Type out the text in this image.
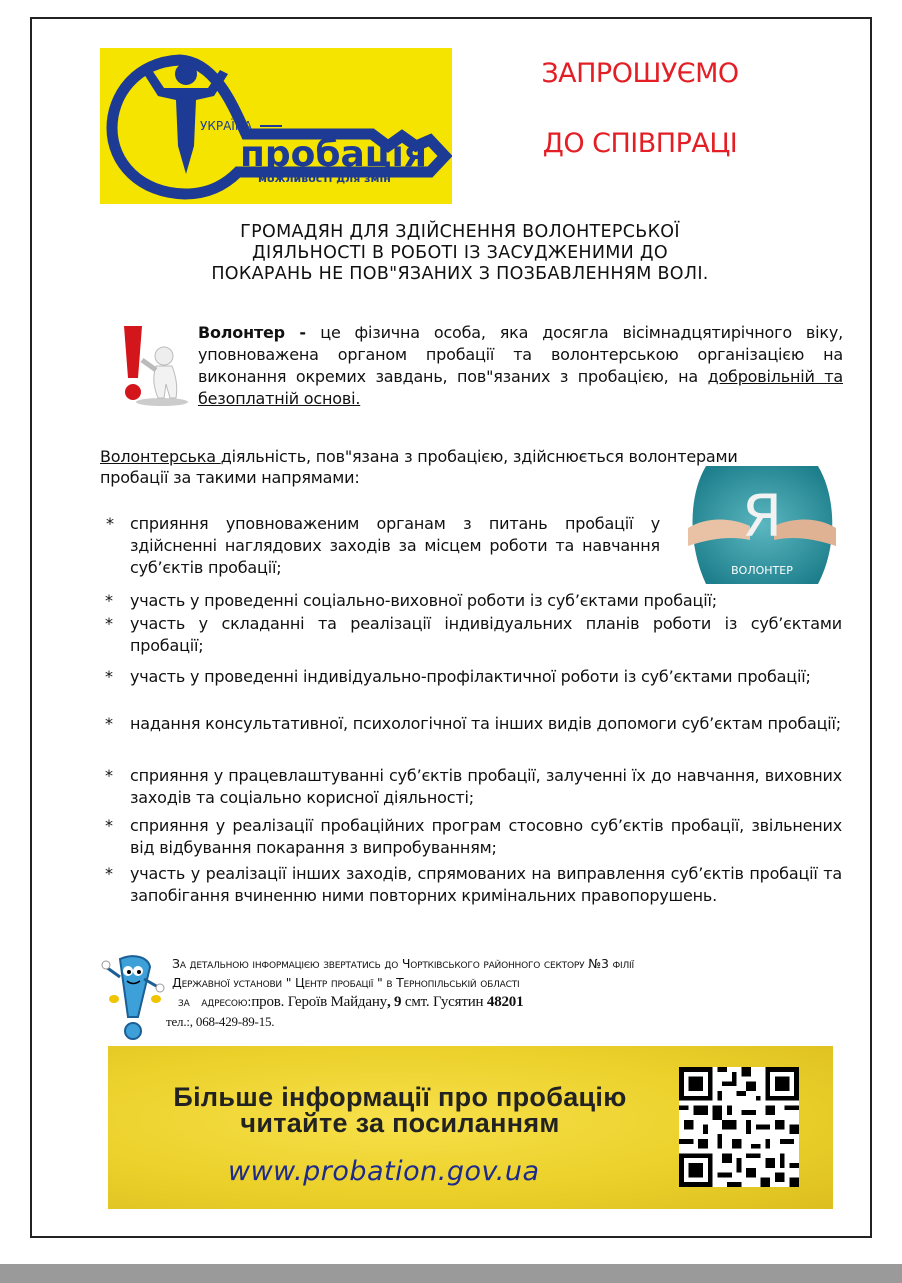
УКРАЇНА
пробація
можливості для змін
ЗАПРОШУЄМО
ДО СПІВПРАЦІ
ГРОМАДЯН ДЛЯ ЗДІЙСНЕННЯ ВОЛОНТЕРСЬКОЇ
ДІЯЛЬНОСТІ В РОБОТІ ІЗ ЗАСУДЖЕНИМИ ДО
ПОКАРАНЬ НЕ ПОВ"ЯЗАНИХ З ПОЗБАВЛЕННЯМ ВОЛІ.
Волонтер - це фізична особа, яка досягла вісімнадцятирічного віку, уповноважена органом пробації та волонтерською організацією на виконання окремих завдань, пов"язаних з пробацією, на добровільній та безоплатній основі.
Волонтерська діяльність, пов"язана з пробацією, здійснюється волонтерами пробації за такими напрямами:
Я
ВОЛОНТЕР
* сприяння уповноваженим органам з питань пробації у здійсненні наглядових заходів за місцем роботи та навчання суб’єктів пробації;
* участь у проведенні соціально-виховної роботи із суб’єктами пробації;
* участь у складанні та реалізації індивідуальних планів роботи із суб’єктами пробації;
* участь у проведенні індивідуально-профілактичної роботи із суб’єктами пробації;
* надання консультативної, психологічної та інших видів допомоги суб’єктам пробації;
* сприяння у працевлаштуванні суб’єктів пробації, залученні їх до навчання, виховних заходів та соціально корисної діяльності;
* сприяння у реалізації пробаційних програм стосовно суб’єктів пробації, звільнених від відбування покарання з випробуванням;
* участь у реалізації інших заходів, спрямованих на виправлення суб’єктів пробації та запобігання вчиненню ними повторних кримінальних правопорушень.
За детальною інформацією звертатись до Чортківського районного сектору №3 філії
Державної установи " Центр пробації " в Тернопільській області
за адресою:пров. Героїв Майдану, 9 смт. Гусятин 48201
тел.:, 068-429-89-15.
Більше інформації про пробацію
читайте за посиланням
www.probation.gov.ua
